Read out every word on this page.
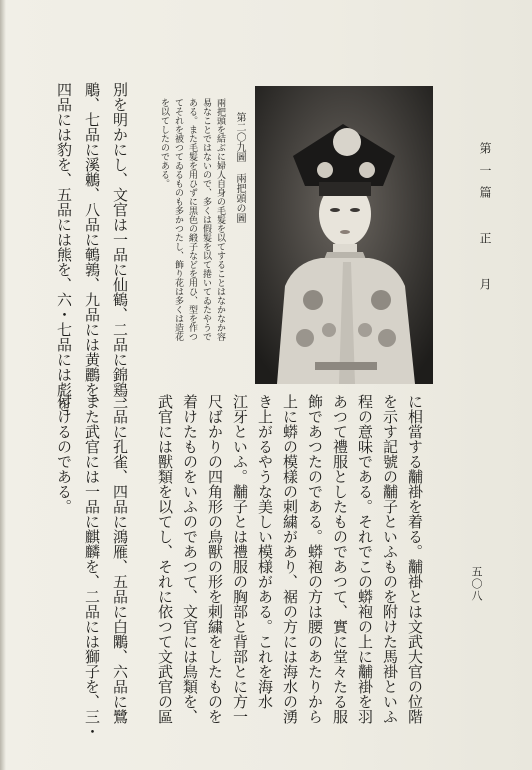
第一篇 正 月
五〇八
第二〇九圖 兩把頭の圖
兩把頭を結ぶに婦人自身の毛髮を以てすることはなかなか容
易なことではないので、多くは假髮を以て捲いてゐたやうで
ある。また毛髮を用ひずに黒色の緞子などを用ひ、型を作つ
てそれを被つてゐるものも多かつたし、飾り花は多くは造花
を以てしたのである。
に相當する黼褂を着る。黼褂とは文武大官の位階
を示す記號の黼子といふものを附けた馬褂といふ
程の意味である。それでこの蟒袍の上に黼褂を羽
あつて禮服としたものであつて、實に堂々たる服
飾であつたのである。蟒袍の方は腰のあたりから
上に蟒の模樣の刺繍があり、裾の方には海水の湧
き上がるやうな美しい模様がある。これを海水
江牙といふ。黼子とは禮服の胸部と背部とに方一
尺ばかりの四角形の鳥獸の形を刺繍をしたものを
着けたものをいふのであつて、文官には鳥類を、
武官には獸類を以てし、それに依つて文武官の區
別を明かにし、文官は一品に仙鶴、二品に錦鶏、
三品に孔雀、四品に鴻雁、五品に白鷴、六品に鷺
鵰、七品に溪鶒、八品に鵪鶉、九品には黄鸝を、
また武官には一品に麒麟を、二品には獅子を、三・
四品には豹を、五品には熊を、六・七品には彪を
付けるのである。
